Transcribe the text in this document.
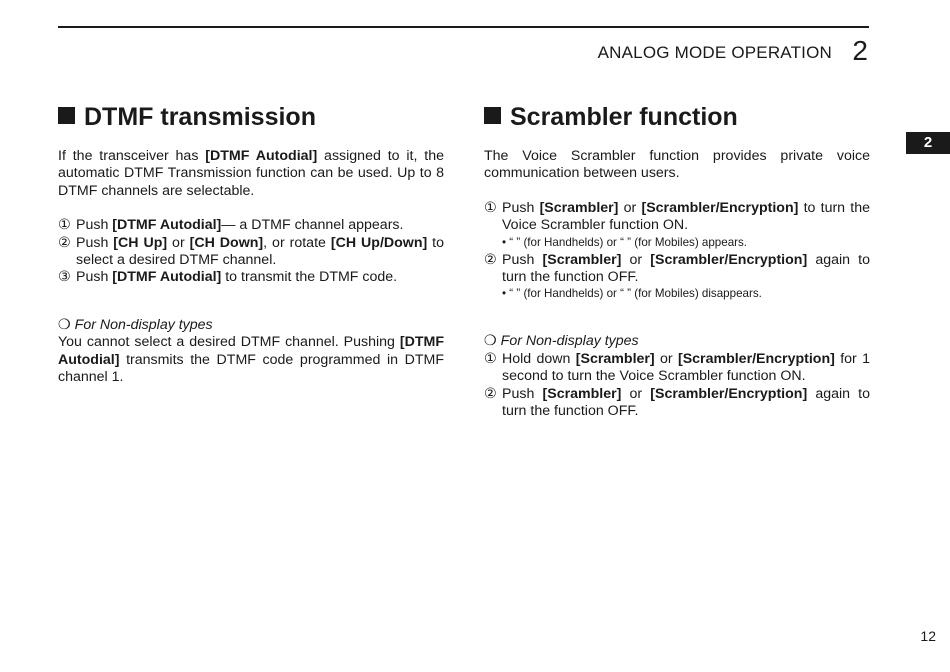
ANALOG MODE OPERATION 2
2
DTMF transmission

If the transceiver has [DTMF Autodial] assigned to it, the automatic DTMF Transmission function can be used. Up to 8 DTMF channels are selectable.

① Push [DTMF Autodial]— a DTMF channel appears.
② Push [CH Up] or [CH Down], or rotate [CH Up/Down] to select a desired DTMF channel.
③ Push [DTMF Autodial] to transmit the DTMF code.

❍ For Non-display types

You cannot select a desired DTMF channel. Pushing [DTMF Autodial] transmits the DTMF code programmed in DTMF channel 1.

Scrambler function

The Voice Scrambler function provides private voice communication between users.

① Push [Scrambler] or [Scrambler/Encryption] to turn the Voice Scrambler function ON.
• “ ” (for Handhelds) or “ ” (for Mobiles) appears.
② Push [Scrambler] or [Scrambler/Encryption] again to turn the function OFF.
• “ ” (for Handhelds) or “ ” (for Mobiles) disappears.

❍ For Non-display types

① Hold down [Scrambler] or [Scrambler/Encryption] for 1 second to turn the Voice Scrambler function ON.
② Push [Scrambler] or [Scrambler/Encryption] again to turn the function OFF.
12
